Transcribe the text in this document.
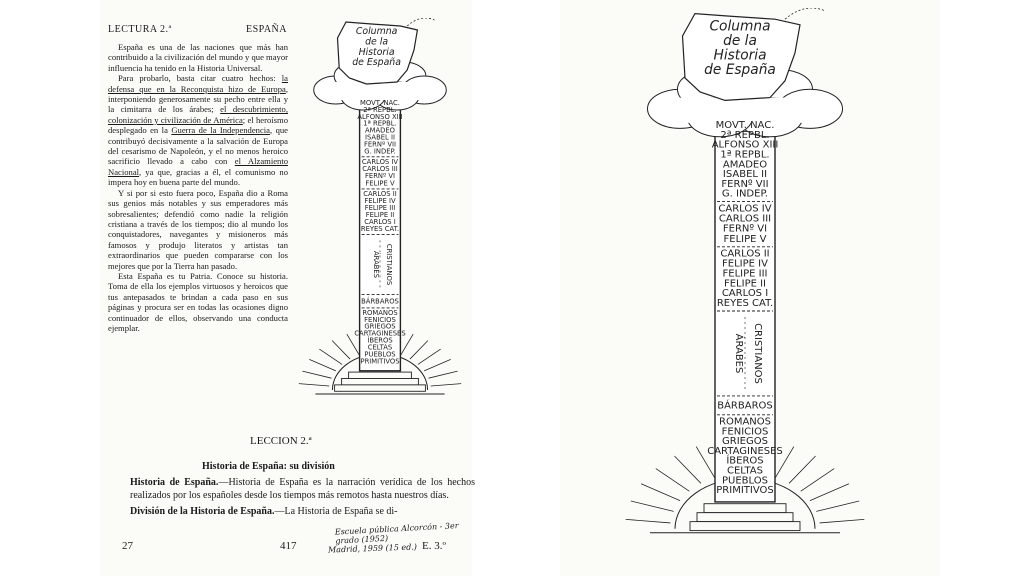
LECTURA 2.ª	ESPAÑA

España es una de las naciones que más han contribuido a la civilización del mundo y que mayor influencia ha tenido en la Historia Universal.

Para probarlo, basta citar cuatro hechos: la defensa que en la Reconquista hizo de Europa, interponiendo generosamente su pecho entre ella y la cimitarra de los árabes; el descubrimiento, colonización y civilización de América; el heroísmo desplegado en la Guerra de la Independencia, que contribuyó decisivamente a la salvación de Europa del cesarismo de Napoleón, y el no menos heroico sacrificio llevado a cabo con el Alzamiento Nacional, ya que, gracias a él, el comunismo no impera hoy en buena parte del mundo.

Y si por si esto fuera poco, España dio a Roma sus genios más notables y sus emperadores más sobresalientes; defendió como nadie la religión cristiana a través de los tiempos; dio al mundo los conquistadores, navegantes y misioneros más famosos y produjo literatos y artistas tan extraordinarios que pueden compararse con los mejores que por la Tierra han pasado.

Esta España es tu Patria. Conoce su historia. Toma de ella los ejemplos virtuosos y heroicos que tus antepasados te brindan a cada paso en sus páginas y procura ser en todas las ocasiones digno continuador de ellos, observando una conducta ejemplar.

Columna
de la
Historia
de España
MOVT. NAC.
2ª REPBL.
ALFONSO XIII
1ª REPBL.
AMADEO
ISABEL II
FERNº VII
G. INDEP.
CARLOS IV
CARLOS III
FERNº VI
FELIPE V
CARLOS II
FELIPE IV
FELIPE III
FELIPE II
CARLOS I
REYES CAT.
ÁRABES CRISTIANOS
BÁRBAROS
ROMANOS
FENICIOS
GRIEGOS
CARTAGINESES
ÍBEROS
CELTAS
PUEBLOS
PRIMITIVOS
LECCION 2.ª
Historia de España: su división

Historia de España.—Historia de España es la narración verídica de los hechos realizados por los españoles desde los tiempos más remotos hasta nuestros días.

División de la Historia de España.—La Historia de España se di-

27	417	E. 3.º
Escuela pública Alcorcón - 3er grado (1952)
Madrid, 1959 (15 ed.)
Columna
de la
Historia
de España
MOVT. NAC.
2ª REPBL.
ALFONSO XIII
1ª REPBL.
AMADEO
ISABEL II
FERNº VII
G. INDEP.
CARLOS IV
CARLOS III
FERNº VI
FELIPE V
CARLOS II
FELIPE IV
FELIPE III
FELIPE II
CARLOS I
REYES CAT.
ÁRABES CRISTIANOS
BÁRBAROS
ROMANOS
FENICIOS
GRIEGOS
CARTAGINESES
ÍBEROS
CELTAS
PUEBLOS
PRIMITIVOS
